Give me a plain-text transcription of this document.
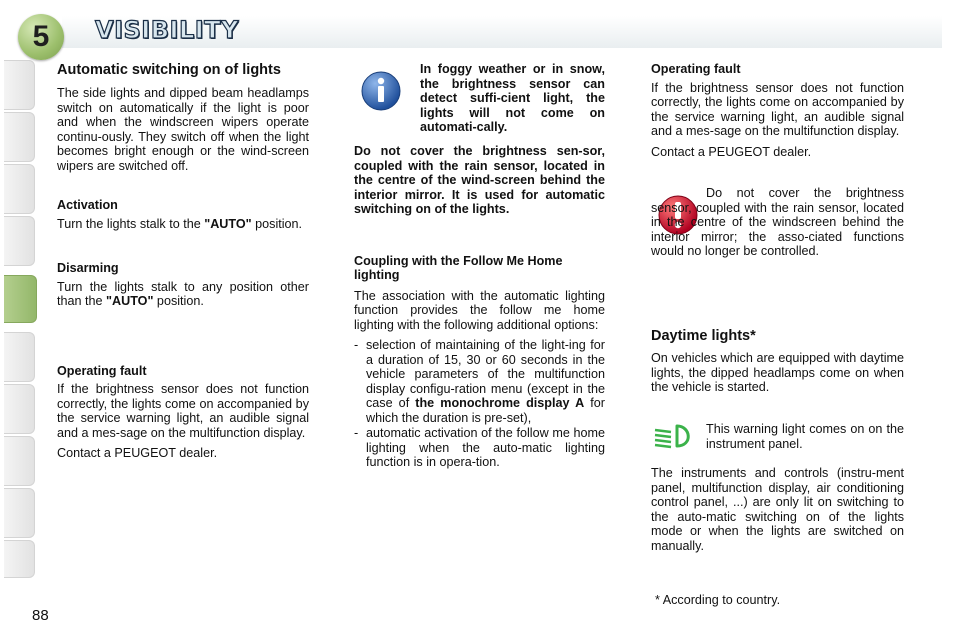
5	VISIBILITY
Automatic switching on of lights

The side lights and dipped beam headlamps switch on automatically if the light is poor and when the windscreen wipers operate continu-ously. They switch off when the light becomes bright enough or the wind-screen wipers are switched off.

Activation

Turn the lights stalk to the "AUTO" position.

Disarming

Turn the lights stalk to any position other than the "AUTO" position.

Operating fault

If the brightness sensor does not function correctly, the lights come on accompanied by the service warning light, an audible signal and a mes-sage on the multifunction display.

Contact a PEUGEOT dealer.

In foggy weather or in snow, the brightness sensor can detect suffi-cient light, the lights will not come on automati-cally.

Do not cover the brightness sen-sor, coupled with the rain sensor, located in the centre of the wind-screen behind the interior mirror. It is used for automatic switching on of the lights.

Coupling with the Follow Me Home lighting

The association with the automatic lighting function provides the follow me home lighting with the following additional options:

- selection of maintaining of the light-ing for a duration of 15, 30 or 60 seconds in the vehicle parameters of the multifunction display configu-ration menu (except in the case of the monochrome display A for which the duration is pre-set),
- automatic activation of the follow me home lighting when the auto-matic lighting function is in opera-tion.
Operating fault

If the brightness sensor does not function correctly, the lights come on accompanied by the service warning light, an audible signal and a mes-sage on the multifunction display.

Contact a PEUGEOT dealer.

Do not cover the brightness sensor, coupled with the rain sensor, located in the centre of the windscreen behind the interior mirror; the asso-ciated functions would no longer be controlled.

Daytime lights*

On vehicles which are equipped with daytime lights, the dipped headlamps come on when the vehicle is started.

This warning light comes on on the instrument panel.

The instruments and controls (instru-ment panel, multifunction display, air conditioning control panel, ...) are only lit on switching to the auto-matic switching on of the lights mode or when the lights are switched on manually.

* According to country.
88
